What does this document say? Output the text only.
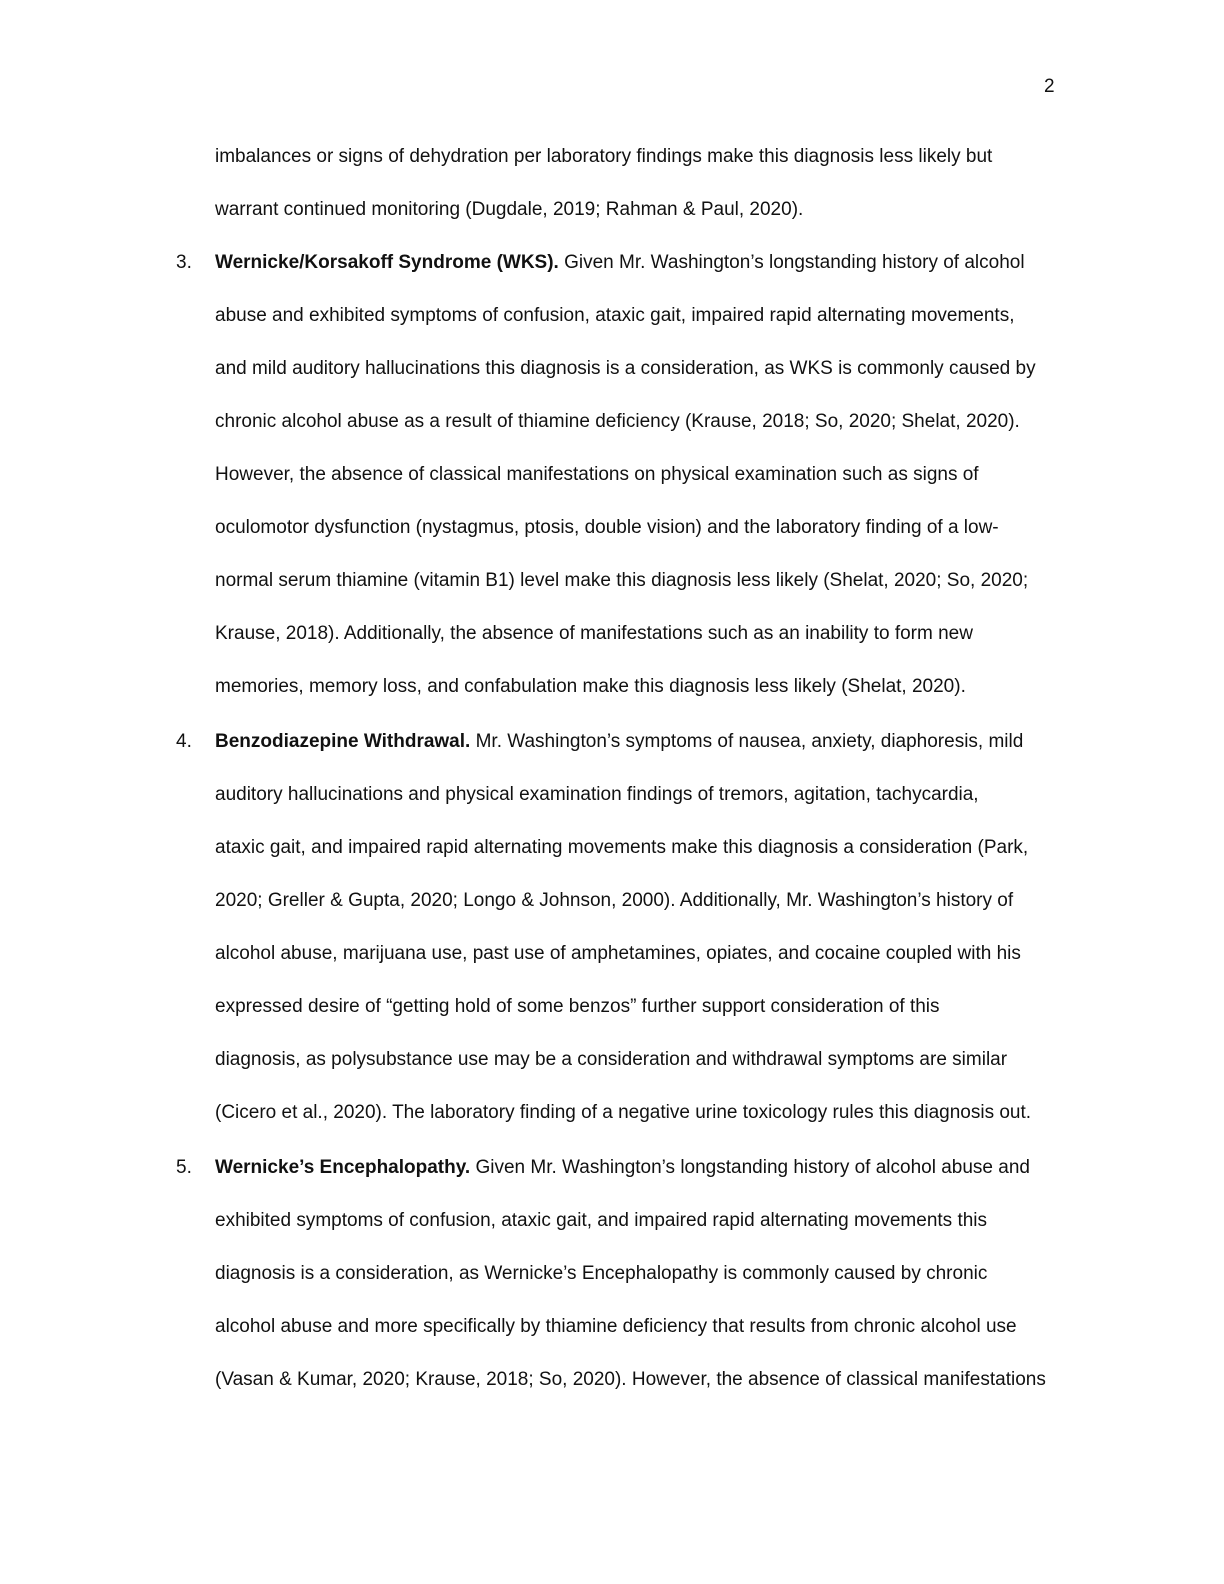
2
imbalances or signs of dehydration per laboratory findings make this diagnosis less likely but
warrant continued monitoring (Dugdale, 2019; Rahman & Paul, 2020).
3. Wernicke/Korsakoff Syndrome (WKS). Given Mr. Washington’s longstanding history of alcohol
abuse and exhibited symptoms of confusion, ataxic gait, impaired rapid alternating movements,
and mild auditory hallucinations this diagnosis is a consideration, as WKS is commonly caused by
chronic alcohol abuse as a result of thiamine deficiency (Krause, 2018; So, 2020; Shelat, 2020).
However, the absence of classical manifestations on physical examination such as signs of
oculomotor dysfunction (nystagmus, ptosis, double vision) and the laboratory finding of a low-
normal serum thiamine (vitamin B1) level make this diagnosis less likely (Shelat, 2020; So, 2020;
Krause, 2018). Additionally, the absence of manifestations such as an inability to form new
memories, memory loss, and confabulation make this diagnosis less likely (Shelat, 2020).
4. Benzodiazepine Withdrawal. Mr. Washington’s symptoms of nausea, anxiety, diaphoresis, mild
auditory hallucinations and physical examination findings of tremors, agitation, tachycardia,
ataxic gait, and impaired rapid alternating movements make this diagnosis a consideration (Park,
2020; Greller & Gupta, 2020; Longo & Johnson, 2000). Additionally, Mr. Washington’s history of
alcohol abuse, marijuana use, past use of amphetamines, opiates, and cocaine coupled with his
expressed desire of “getting hold of some benzos” further support consideration of this
diagnosis, as polysubstance use may be a consideration and withdrawal symptoms are similar
(Cicero et al., 2020). The laboratory finding of a negative urine toxicology rules this diagnosis out.
5. Wernicke’s Encephalopathy. Given Mr. Washington’s longstanding history of alcohol abuse and
exhibited symptoms of confusion, ataxic gait, and impaired rapid alternating movements this
diagnosis is a consideration, as Wernicke’s Encephalopathy is commonly caused by chronic
alcohol abuse and more specifically by thiamine deficiency that results from chronic alcohol use
(Vasan & Kumar, 2020; Krause, 2018; So, 2020). However, the absence of classical manifestations
